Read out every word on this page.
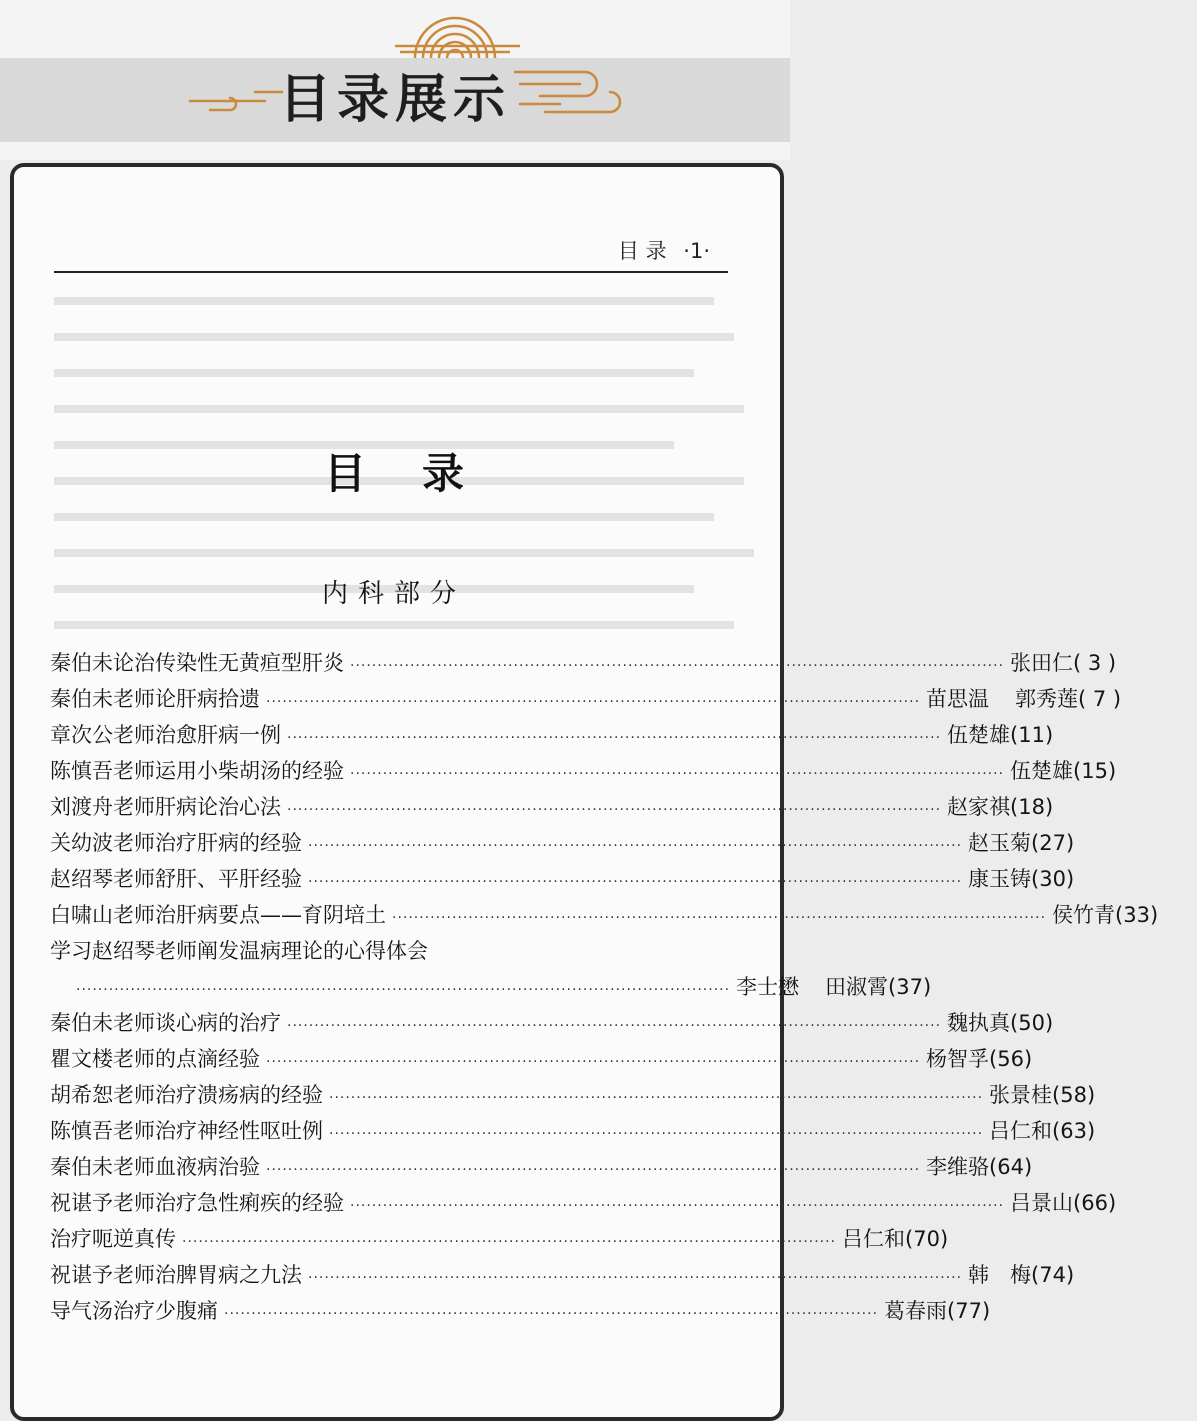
目录展示
目 录 ·1·
目录
内科部分
秦伯未论治传染性无黄疸型肝炎 ························································································································ 张田仁 ( 3 )
秦伯未老师论肝病拾遗 ························································································································ 苗思温 郭秀莲 ( 7 )
章次公老师治愈肝病一例 ························································································································ 伍楚雄 (11)
陈慎吾老师运用小柴胡汤的经验 ························································································································ 伍楚雄 (15)
刘渡舟老师肝病论治心法 ························································································································ 赵家祺 (18)
关幼波老师治疗肝病的经验 ························································································································ 赵玉菊 (27)
赵绍琴老师舒肝、平肝经验 ························································································································ 康玉铸 (30)
白啸山老师治肝病要点——育阴培土 ························································································································ 侯竹青 (33)
学习赵绍琴老师阐发温病理论的心得体会
························································································································ 李士懋 田淑霄 (37)
秦伯未老师谈心病的治疗 ························································································································ 魏执真 (50)
瞿文楼老师的点滴经验 ························································································································ 杨智孚 (56)
胡希恕老师治疗溃疡病的经验 ························································································································ 张景桂 (58)
陈慎吾老师治疗神经性呕吐例 ························································································································ 吕仁和 (63)
秦伯未老师血液病治验 ························································································································ 李维骆 (64)
祝谌予老师治疗急性痢疾的经验 ························································································································ 吕景山 (66)
治疗呃逆真传 ························································································································ 吕仁和 (70)
祝谌予老师治脾胃病之九法 ························································································································ 韩　梅 (74)
导气汤治疗少腹痛 ························································································································ 葛春雨 (77)
